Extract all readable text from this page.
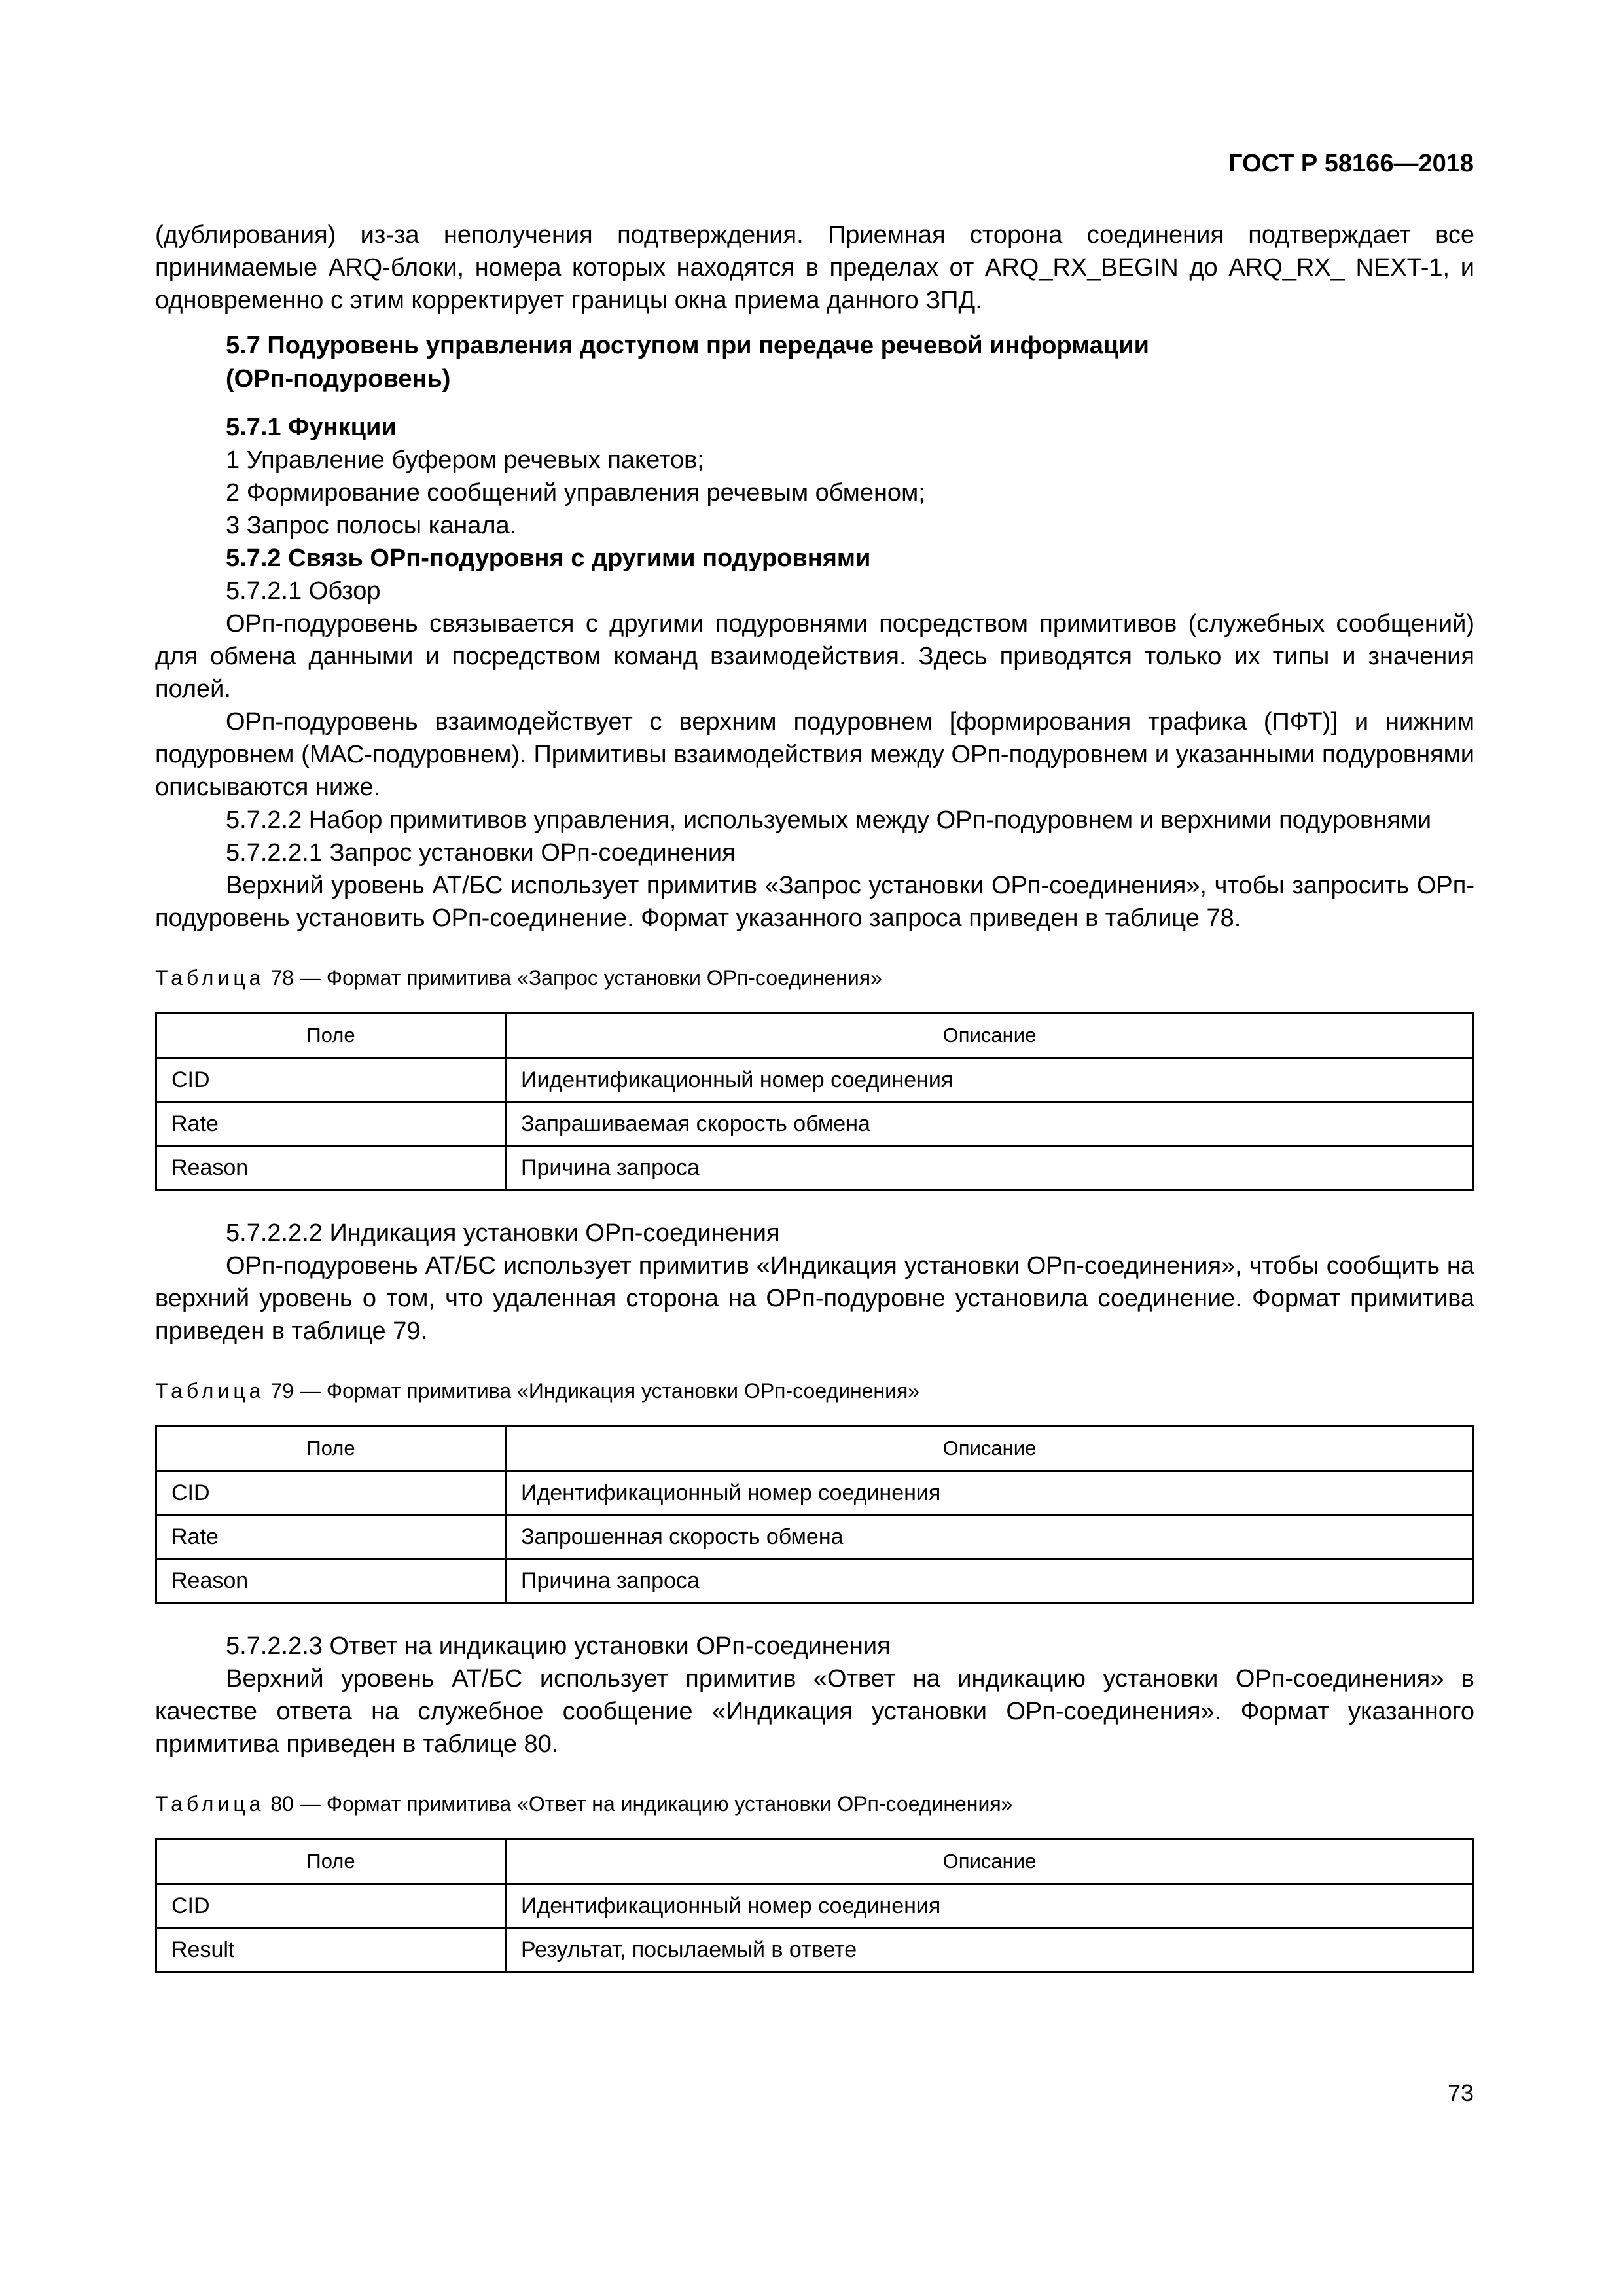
ГОСТ Р 58166—2018

(дублирования) из-за неполучения подтверждения. Приемная сторона соединения подтверждает все принимаемые ARQ-блоки, номера которых находятся в пределах от ARQ_RX_BEGIN до ARQ_RX_ NEXT-1, и одновременно с этим корректирует границы окна приема данного ЗПД.

5.7 Подуровень управления доступом при передаче речевой информации

(ОРп-подуровень)

5.7.1 Функции

1 Управление буфером речевых пакетов;

2 Формирование сообщений управления речевым обменом;

3 Запрос полосы канала.

5.7.2 Связь ОРп-подуровня с другими подуровнями

5.7.2.1 Обзор

ОРп-подуровень связывается с другими подуровнями посредством примитивов (служебных сообщений) для обмена данными и посредством команд взаимодействия. Здесь приводятся только их типы и значения полей.

ОРп-подуровень взаимодействует с верхним подуровнем [формирования трафика (ПФТ)] и нижним подуровнем (МАС-подуровнем). Примитивы взаимодействия между ОРп-подуровнем и указанными подуровнями описываются ниже.

5.7.2.2 Набор примитивов управления, используемых между ОРп-подуровнем и верхними подуровнями

5.7.2.2.1 Запрос установки ОРп-соединения

Верхний уровень АТ/БС использует примитив «Запрос установки ОРп-соединения», чтобы запросить ОРп-подуровень установить ОРп-соединение. Формат указанного запроса приведен в таблице 78.

Таблица 78 — Формат примитива «Запрос установки ОРп-соединения»

Поле	Описание
CID	Иидентификационный номер соединения
Rate	Запрашиваемая скорость обмена
Reason	Причина запроса

5.7.2.2.2 Индикация установки ОРп-соединения

ОРп-подуровень АТ/БС использует примитив «Индикация установки ОРп-соединения», чтобы сообщить на верхний уровень о том, что удаленная сторона на ОРп-подуровне установила соединение. Формат примитива приведен в таблице 79.

Таблица 79 — Формат примитива «Индикация установки ОРп-соединения»

Поле	Описание
CID	Идентификационный номер соединения
Rate	Запрошенная скорость обмена
Reason	Причина запроса

5.7.2.2.3 Ответ на индикацию установки ОРп-соединения

Верхний уровень АТ/БС использует примитив «Ответ на индикацию установки ОРп-соединения» в качестве ответа на служебное сообщение «Индикация установки ОРп-соединения». Формат указанного примитива приведен в таблице 80.

Таблица 80 — Формат примитива «Ответ на индикацию установки ОРп-соединения»

Поле	Описание
CID	Идентификационный номер соединения
Result	Результат, посылаемый в ответе
73
